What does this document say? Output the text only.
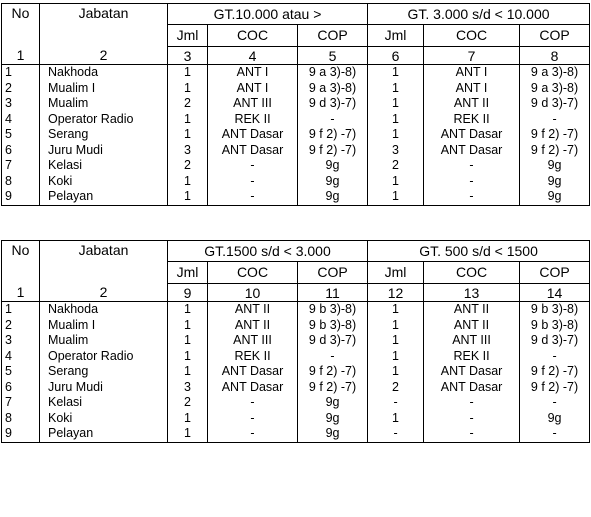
No	Jabatan	GT.10.000 atau >			GT. 3.000 s/d < 10.000		
		Jml	COC	COP	Jml	COC	COP
1	2	3	4	5	6	7	8
1	Nakhoda	1	ANT I	9 a 3)-8)	1	ANT I	9 a 3)-8)
2	Mualim I	1	ANT I	9 a 3)-8)	1	ANT I	9 a 3)-8)
3	Mualim	2	ANT III	9 d 3)-7)	1	ANT II	9 d 3)-7)
4	Operator Radio	1	REK II	-	1	REK II	-
5	Serang	1	ANT Dasar	9 f 2) -7)	1	ANT Dasar	9 f 2) -7)
6	Juru Mudi	3	ANT Dasar	9 f 2) -7)	3	ANT Dasar	9 f 2) -7)
7	Kelasi	2	-	9g	2	-	9g
8	Koki	1	-	9g	1	-	9g
9	Pelayan	1	-	9g	1	-	9g
No	Jabatan	GT.1500 s/d < 3.000			GT. 500 s/d < 1500		
		Jml	COC	COP	Jml	COC	COP
1	2	9	10	11	12	13	14
1	Nakhoda	1	ANT II	9 b 3)-8)	1	ANT II	9 b 3)-8)
2	Mualim I	1	ANT II	9 b 3)-8)	1	ANT II	9 b 3)-8)
3	Mualim	1	ANT III	9 d 3)-7)	1	ANT III	9 d 3)-7)
4	Operator Radio	1	REK II	-	1	REK II	-
5	Serang	1	ANT Dasar	9 f 2) -7)	1	ANT Dasar	9 f 2) -7)
6	Juru Mudi	3	ANT Dasar	9 f 2) -7)	2	ANT Dasar	9 f 2) -7)
7	Kelasi	2	-	9g	-	-	-
8	Koki	1	-	9g	1	-	9g
9	Pelayan	1	-	9g	-	-	-
